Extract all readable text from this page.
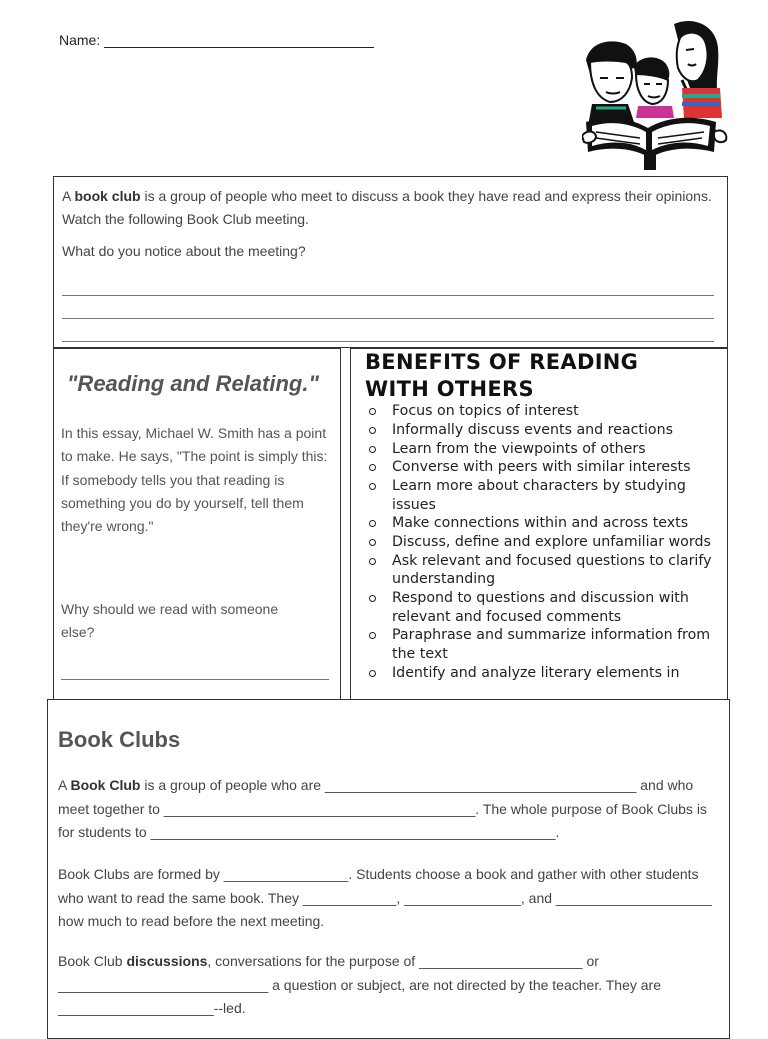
Name:
A book club is a group of people who meet to discuss a book they have read and express their opinions. Watch the following Book Club meeting.
What do you notice about the meeting?
"Reading and Relating."
In this essay, Michael W. Smith has a point to make. He says, "The point is simply this: If somebody tells you that reading is something you do by yourself, tell them they're wrong."
Why should we read with someone else?
BENEFITS OF READING WITH OTHERS
Focus on topics of interest
Informally discuss events and reactions
Learn from the viewpoints of others
Converse with peers with similar interests
Learn more about characters by studying issues
Make connections within and across texts
Discuss, define and explore unfamiliar words
Ask relevant and focused questions to clarify understanding
Respond to questions and discussion with relevant and focused comments
Paraphrase and summarize information from the text
Identify and analyze literary elements in
Book Clubs
A Book Club is a group of people who are ________________________________________ and who meet together to ________________________________________. The whole purpose of Book Clubs is for students to ____________________________________________________.
Book Clubs are formed by ________________. Students choose a book and gather with other students who want to read the same book. They ____________, _______________, and ____________________ how much to read before the next meeting.
Book Club discussions, conversations for the purpose of _____________________ or ___________________________ a question or subject, are not directed by the teacher. They are ____________________--led.
